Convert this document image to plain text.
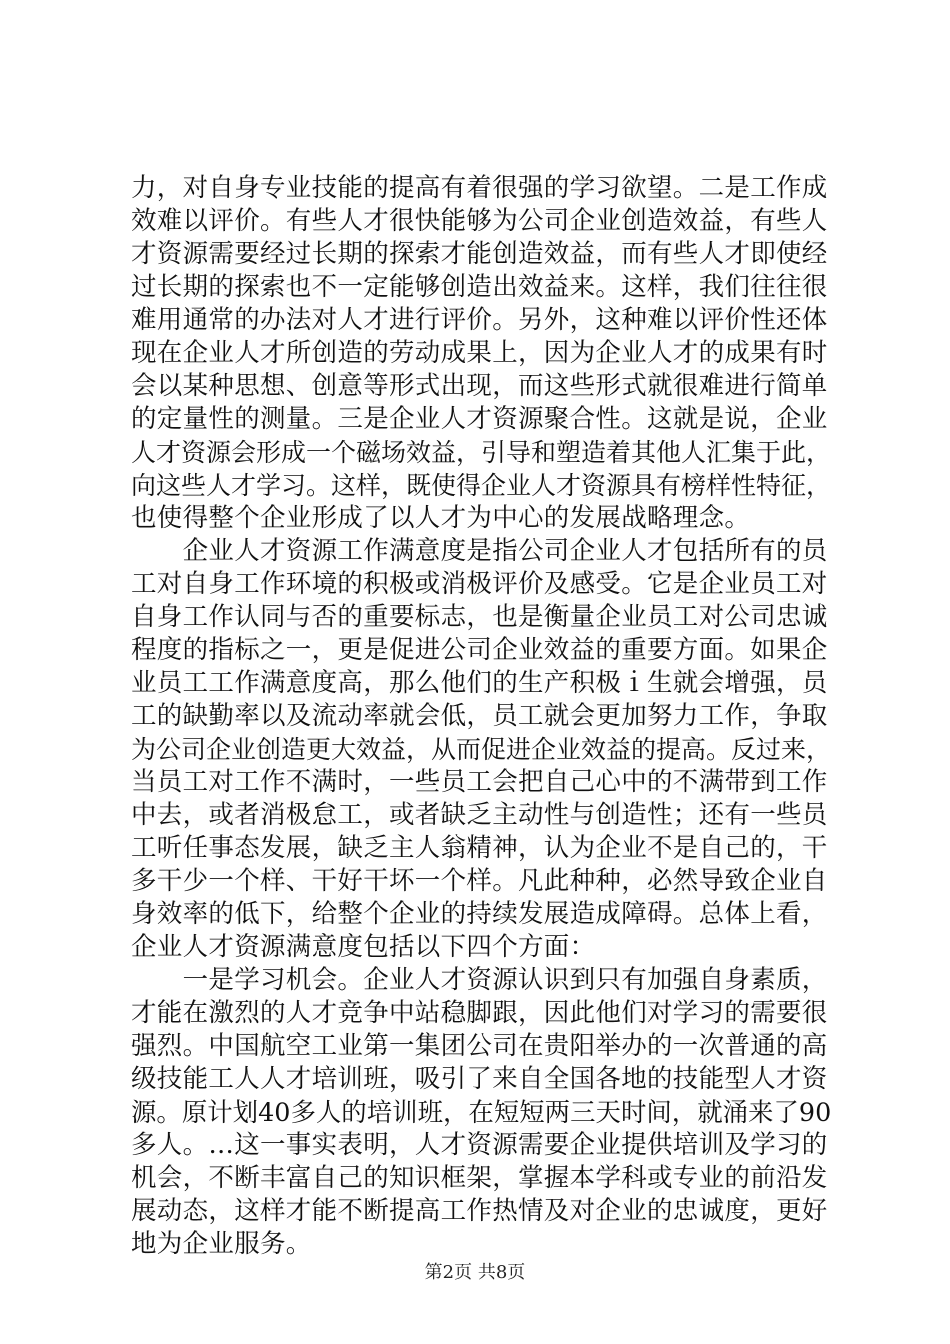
力，对自身专业技能的提高有着很强的学习欲望。二是工作成
效难以评价。有些人才很快能够为公司企业创造效益，有些人
才资源需要经过长期的探索才能创造效益，而有些人才即使经
过长期的探索也不一定能够创造出效益来。这样，我们往往很
难用通常的办法对人才进行评价。另外，这种难以评价性还体
现在企业人才所创造的劳动成果上，因为企业人才的成果有时
会以某种思想、创意等形式出现，而这些形式就很难进行简单
的定量性的测量。三是企业人才资源聚合性。这就是说，企业
人才资源会形成一个磁场效益，引导和塑造着其他人汇集于此，
向这些人才学习。这样，既使得企业人才资源具有榜样性特征，
也使得整个企业形成了以人才为中心的发展战略理念。
　　企业人才资源工作满意度是指公司企业人才包括所有的员
工对自身工作环境的积极或消极评价及感受。它是企业员工对
自身工作认同与否的重要标志，也是衡量企业员工对公司忠诚
程度的指标之一，更是促进公司企业效益的重要方面。如果企
业员工工作满意度高，那么他们的生产积极ｉ生就会增强，员
工的缺勤率以及流动率就会低，员工就会更加努力工作，争取
为公司企业创造更大效益，从而促进企业效益的提高。反过来，
当员工对工作不满时，一些员工会把自己心中的不满带到工作
中去，或者消极怠工，或者缺乏主动性与创造性；还有一些员
工听任事态发展，缺乏主人翁精神，认为企业不是自己的，干
多干少一个样、干好干坏一个样。凡此种种，必然导致企业自
身效率的低下，给整个企业的持续发展造成障碍。总体上看，
企业人才资源满意度包括以下四个方面：
　　一是学习机会。企业人才资源认识到只有加强自身素质，
才能在激烈的人才竞争中站稳脚跟，因此他们对学习的需要很
强烈。中国航空工业第一集团公司在贵阳举办的一次普通的高
级技能工人人才培训班，吸引了来自全国各地的技能型人才资
源。原计划40多人的培训班，在短短两三天时间，就涌来了90
多人。…这一事实表明，人才资源需要企业提供培训及学习的
机会，不断丰富自己的知识框架，掌握本学科或专业的前沿发
展动态，这样才能不断提高工作热情及对企业的忠诚度，更好
地为企业服务。
第2页 共8页
